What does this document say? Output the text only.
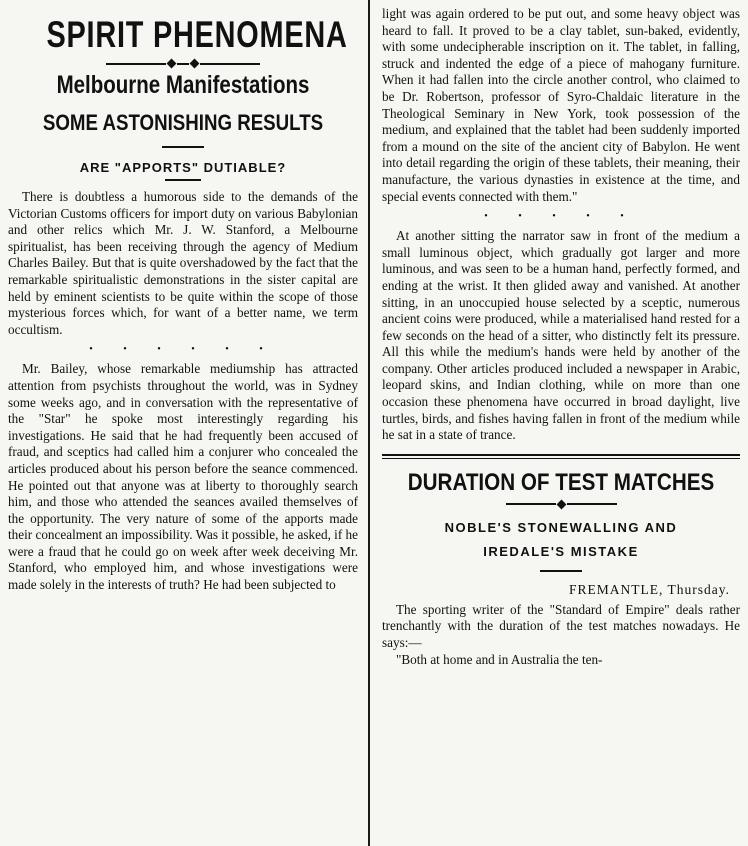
SPIRIT PHENOMENA
Melbourne Manifestations
SOME ASTONISHING RESULTS
ARE "APPORTS" DUTIABLE?

There is doubtless a humorous side to the demands of the Victorian Customs officers for import duty on various Babylonian and other relics which Mr. J. W. Stanford, a Melbourne spiritualist, has been receiving through the agency of Medium Charles Bailey. But that is quite overshadowed by the fact that the remarkable spiritualistic demonstrations in the sister capital are held by eminent scientists to be quite within the scope of those mysterious forces which, for want of a better name, we term occultism.

• • • • • •

Mr. Bailey, whose remarkable mediumship has attracted attention from psychists throughout the world, was in Sydney some weeks ago, and in conversation with the representative of the "Star" he spoke most interestingly regarding his investigations. He said that he had frequently been accused of fraud, and sceptics had called him a conjurer who concealed the articles produced about his person before the seance commenced. He pointed out that anyone was at liberty to thoroughly search him, and those who attended the seances availed themselves of the opportunity. The very nature of some of the apports made their concealment an impossibility. Was it possible, he asked, if he were a fraud that he could go on week after week deceiving Mr. Stanford, who employed him, and whose investigations were made solely in the interests of truth? He had been subjected to

light was again ordered to be put out, and some heavy object was heard to fall. It proved to be a clay tablet, sun-baked, evidently, with some undecipherable inscription on it. The tablet, in falling, struck and indented the edge of a piece of mahogany furniture. When it had fallen into the circle another control, who claimed to be Dr. Robertson, professor of Syro-Chaldaic literature in the Theological Seminary in New York, took possession of the medium, and explained that the tablet had been suddenly imported from a mound on the site of the ancient city of Babylon. He went into detail regarding the origin of these tablets, their meaning, their manufacture, the various dynasties in existence at the time, and special events connected with them."

• • • • •

At another sitting the narrator saw in front of the medium a small luminous object, which gradually got larger and more luminous, and was seen to be a human hand, perfectly formed, and ending at the wrist. It then glided away and vanished. At another sitting, in an unoccupied house selected by a sceptic, numerous ancient coins were produced, while a materialised hand rested for a few seconds on the head of a sitter, who distinctly felt its pressure. All this while the medium's hands were held by another of the company. Other articles produced included a newspaper in Arabic, leopard skins, and Indian clothing, while on more than one occasion these phenomena have occurred in broad daylight, live turtles, birds, and fishes having fallen in front of the medium while he sat in a state of trance.

DURATION OF TEST MATCHES
NOBLE'S STONEWALLING AND
IREDALE'S MISTAKE
FREMANTLE, Thursday.

The sporting writer of the "Standard of Empire" deals rather trenchantly with the duration of the test matches nowadays. He says:—

"Both at home and in Australia the ten-
